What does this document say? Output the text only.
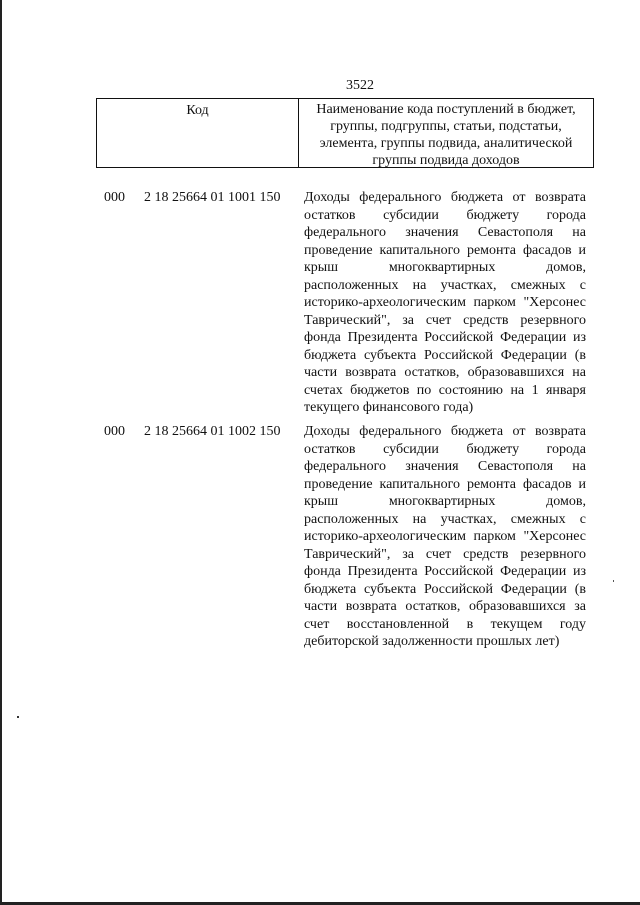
3522
Код	Наименование кода поступлений в бюджет, группы, подгруппы, статьи, подстатьи, элемента, группы подвида, аналитической группы подвида доходов
000 2 18 25664 01 1001 150 Доходы федерального бюджета от возврата остатков субсидии бюджету города федерального значения Севастополя на проведение капитального ремонта фасадов и крыш многоквартирных домов, расположенных на участках, смежных с историко-археологическим парком "Херсонес Таврический", за счет средств резервного фонда Президента Российской Федерации из бюджета субъекта Российской Федерации (в части возврата остатков, образовавшихся на счетах бюджетов по состоянию на 1 января текущего финансового года)
000 2 18 25664 01 1002 150 Доходы федерального бюджета от возврата остатков субсидии бюджету города федерального значения Севастополя на проведение капитального ремонта фасадов и крыш многоквартирных домов, расположенных на участках, смежных с историко-археологическим парком "Херсонес Таврический", за счет средств резервного фонда Президента Российской Федерации из бюджета субъекта Российской Федерации (в части возврата остатков, образовавшихся за счет восстановленной в текущем году дебиторской задолженности прошлых лет)
